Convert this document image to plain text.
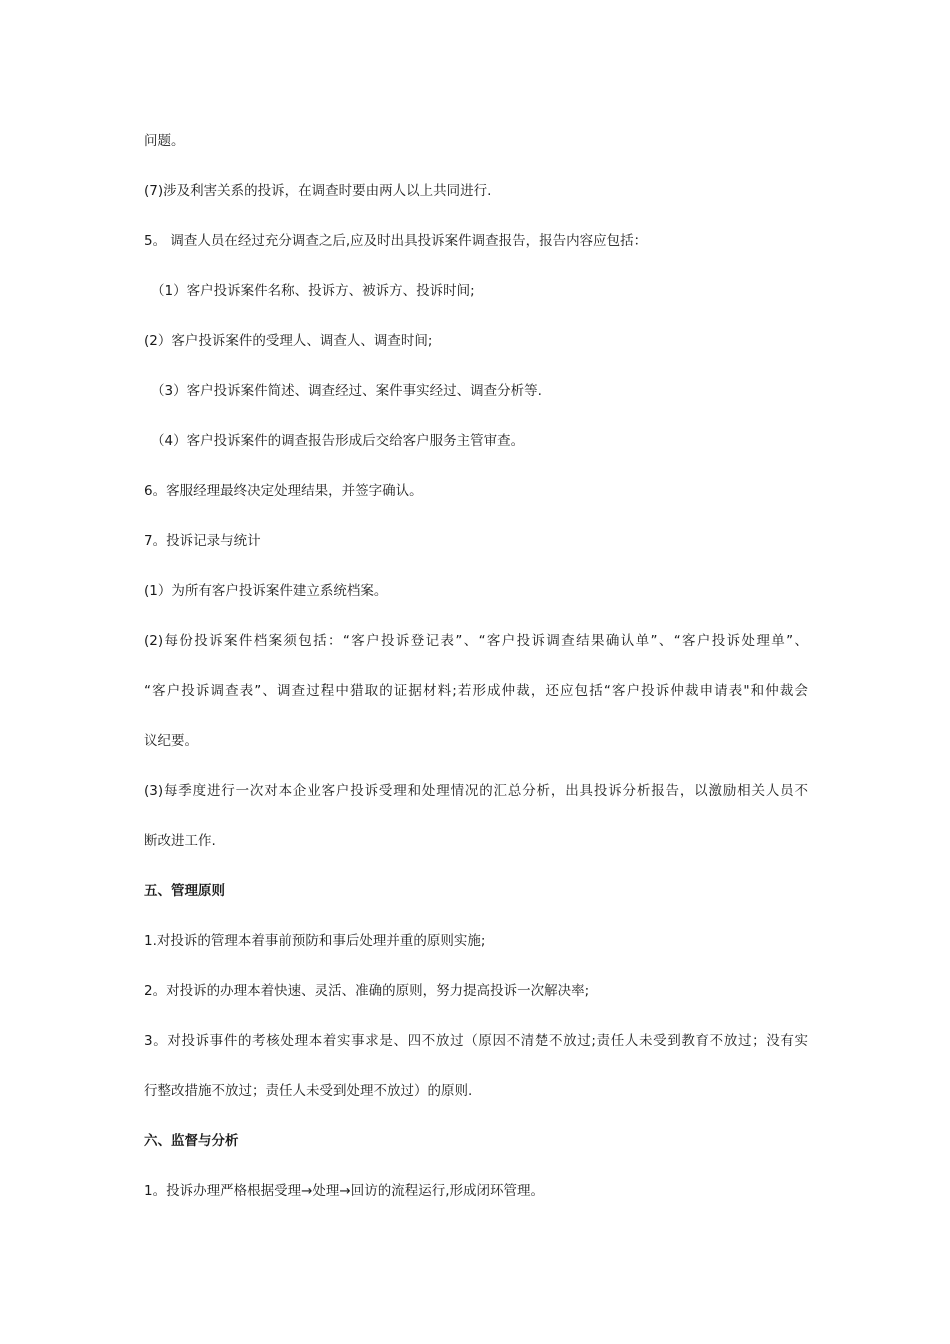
问题。
(7)涉及利害关系的投诉，在调查时要由两人以上共同进行.
5。 调查人员在经过充分调查之后,应及时出具投诉案件调查报告，报告内容应包括：
（1）客户投诉案件名称、投诉方、被诉方、投诉时间;
(2）客户投诉案件的受理人、调查人、调查时间;
（3）客户投诉案件简述、调查经过、案件事实经过、调查分析等.
（4）客户投诉案件的调查报告形成后交给客户服务主管审查。
6。客服经理最终决定处理结果，并签字确认。
7。投诉记录与统计
(1）为所有客户投诉案件建立系统档案。
(2)每份投诉案件档案须包括：“客户投诉登记表”、“客户投诉调查结果确认单”、“客户投诉处理单”、
“客户投诉调查表”、调查过程中猎取的证据材料;若形成仲裁，还应包括“客户投诉仲裁申请表"和仲裁会
议纪要。
(3)每季度进行一次对本企业客户投诉受理和处理情况的汇总分析，出具投诉分析报告，以激励相关人员不
断改进工作.
五、管理原则
1.对投诉的管理本着事前预防和事后处理并重的原则实施;
2。对投诉的办理本着快速、灵活、准确的原则，努力提高投诉一次解决率;
3。对投诉事件的考核处理本着实事求是、四不放过（原因不清楚不放过;责任人未受到教育不放过；没有实
行整改措施不放过；责任人未受到处理不放过）的原则.
六、监督与分析
1。投诉办理严格根据受理→处理→回访的流程运行,形成闭环管理。
